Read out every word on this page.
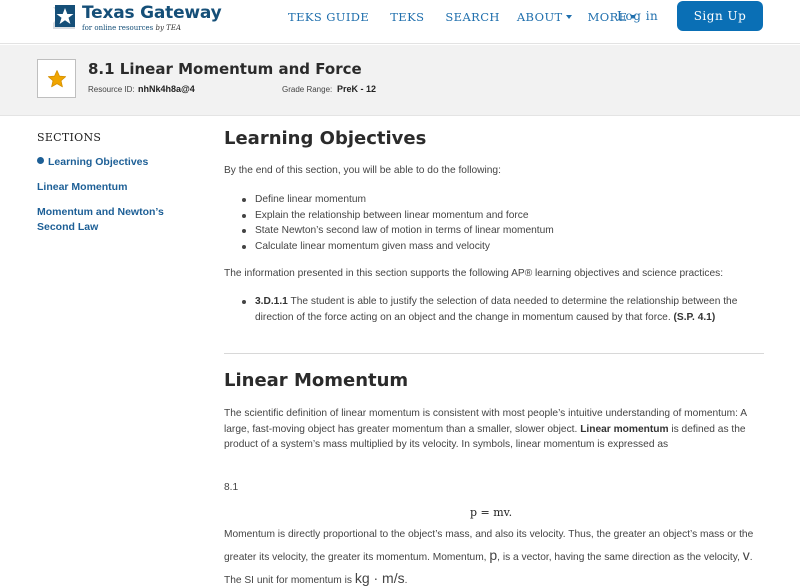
Texas Gateway
for online resources by TEA
TEKS GUIDE TEKS SEARCH ABOUT MORE
Log in	Sign Up
8.1 Linear Momentum and Force
Resource ID: nhNk4h8a@4	Grade Range: PreK - 12
SECTIONS
Learning Objectives
Linear Momentum
Momentum and Newton’s Second Law
Learning Objectives
By the end of this section, you will be able to do the following:
Define linear momentum
Explain the relationship between linear momentum and force
State Newton’s second law of motion in terms of linear momentum
Calculate linear momentum given mass and velocity
The information presented in this section supports the following AP® learning objectives and science practices:
3.D.1.1 The student is able to justify the selection of data needed to determine the relationship between the direction of the force acting on an object and the change in momentum caused by that force. (S.P. 4.1)
Linear Momentum
The scientific definition of linear momentum is consistent with most people’s intuitive understanding of momentum: A large, fast-moving object has greater momentum than a smaller, slower object. Linear momentum is defined as the product of a system’s mass multiplied by its velocity. In symbols, linear momentum is expressed as
8.1
p = mv.
Momentum is directly proportional to the object’s mass, and also its velocity. Thus, the greater an object’s mass or the greater its velocity, the greater its momentum. Momentum, p, is a vector, having the same direction as the velocity, v. The SI unit for momentum is kg · m/s.
